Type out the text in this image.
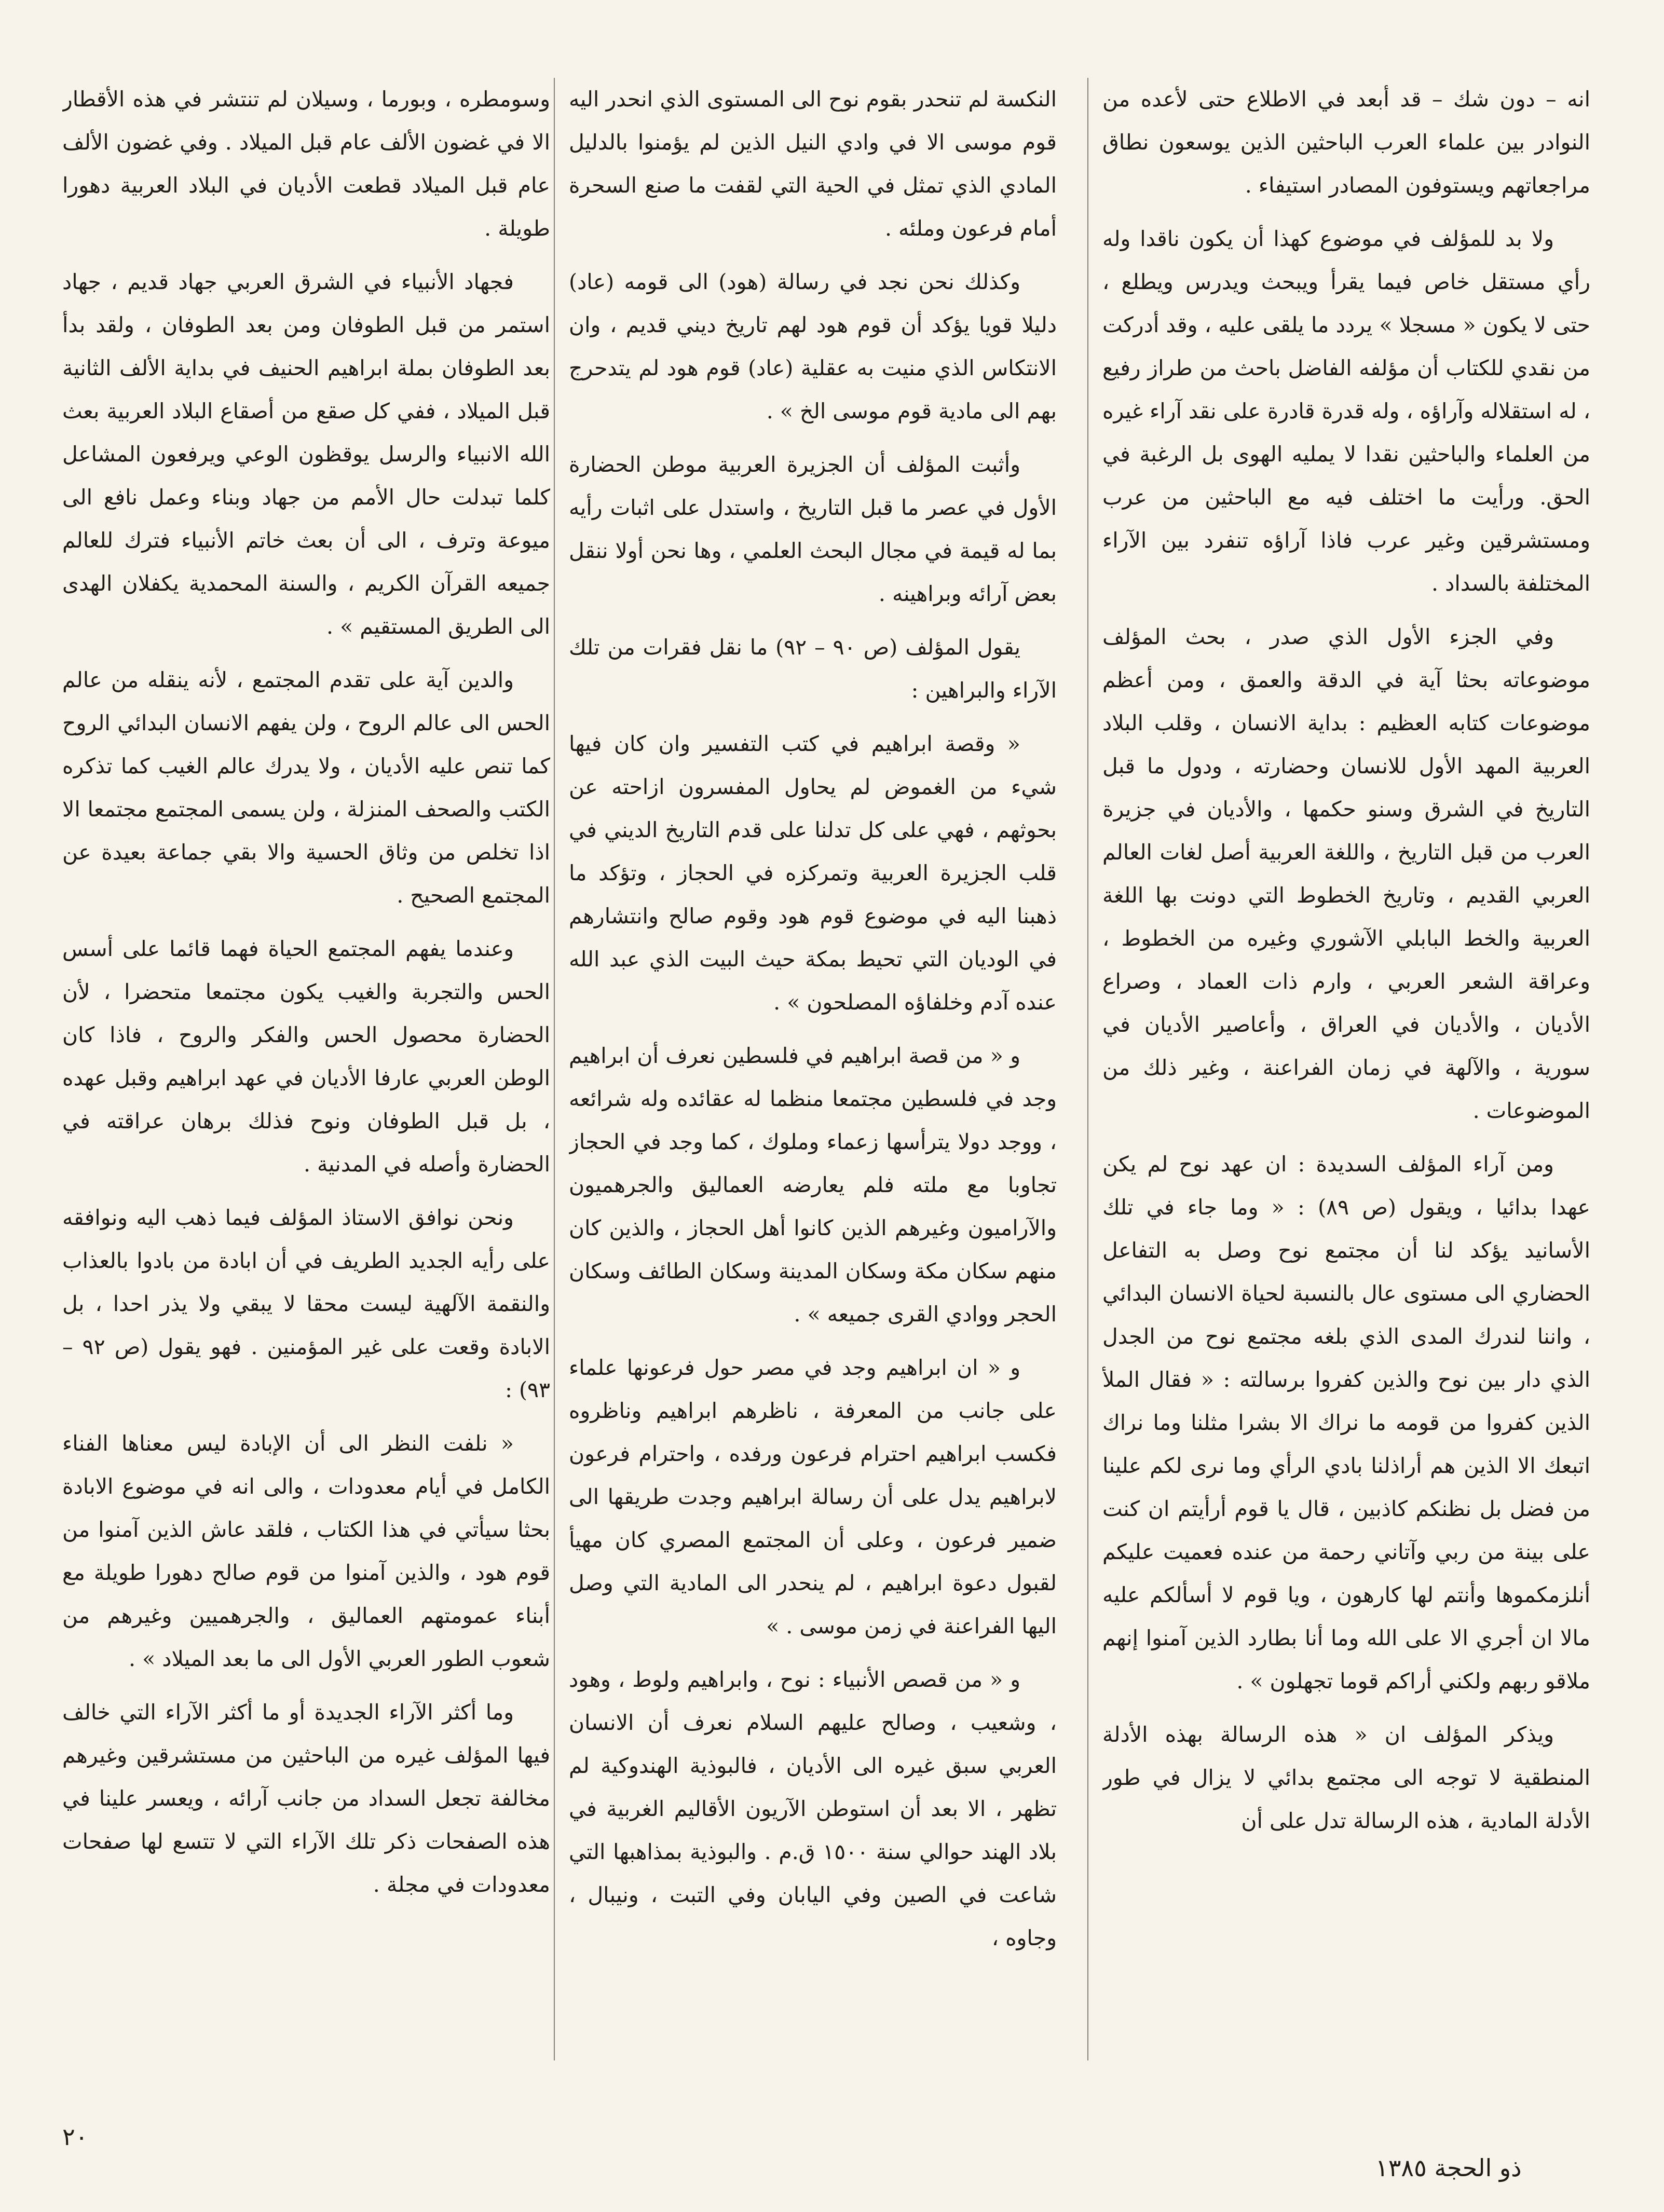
انه – دون شك – قد أبعد في الاطلاع حتى لأعده من النوادر بين علماء العرب الباحثين الذين يوسعون نطاق مراجعاتهم ويستوفون المصادر استيفاء .

ولا بد للمؤلف في موضوع كهذا أن يكون ناقدا وله رأي مستقل خاص فيما يقرأ ويبحث ويدرس ويطلع ، حتى لا يكون « مسجلا » يردد ما يلقى عليه ، وقد أدركت من نقدي للكتاب أن مؤلفه الفاضل باحث من طراز رفيع ، له استقلاله وآراؤه ، وله قدرة قادرة على نقد آراء غيره من العلماء والباحثين نقدا لا يمليه الهوى بل الرغبة في الحق. ورأيت ما اختلف فيه مع الباحثين من عرب ومستشرقين وغير عرب فاذا آراؤه تنفرد بين الآراء المختلفة بالسداد .

وفي الجزء الأول الذي صدر ، بحث المؤلف موضوعاته بحثا آية في الدقة والعمق ، ومن أعظم موضوعات كتابه العظيم : بداية الانسان ، وقلب البلاد العربية المهد الأول للانسان وحضارته ، ودول ما قبل التاريخ في الشرق وسنو حكمها ، والأديان في جزيرة العرب من قبل التاريخ ، واللغة العربية أصل لغات العالم العربي القديم ، وتاريخ الخطوط التي دونت بها اللغة العربية والخط البابلي الآشوري وغيره من الخطوط ، وعراقة الشعر العربي ، وارم ذات العماد ، وصراع الأديان ، والأديان في العراق ، وأعاصير الأديان في سورية ، والآلهة في زمان الفراعنة ، وغير ذلك من الموضوعات .

ومن آراء المؤلف السديدة : ان عهد نوح لم يكن عهدا بدائيا ، ويقول (ص ٨٩) : « وما جاء في تلك الأسانيد يؤكد لنا أن مجتمع نوح وصل به التفاعل الحضاري الى مستوى عال بالنسبة لحياة الانسان البدائي ، واننا لندرك المدى الذي بلغه مجتمع نوح من الجدل الذي دار بين نوح والذين كفروا برسالته : « فقال الملأ الذين كفروا من قومه ما نراك الا بشرا مثلنا وما نراك اتبعك الا الذين هم أراذلنا بادي الرأي وما نرى لكم علينا من فضل بل نظنكم كاذبين ، قال يا قوم أرأيتم ان كنت على بينة من ربي وآتاني رحمة من عنده فعميت عليكم أنلزمكموها وأنتم لها كارهون ، ويا قوم لا أسألكم عليه مالا ان أجري الا على الله وما أنا بطارد الذين آمنوا إنهم ملاقو ربهم ولكني أراكم قوما تجهلون » .

ويذكر المؤلف ان « هذه الرسالة بهذه الأدلة المنطقية لا توجه الى مجتمع بدائي لا يزال في طور الأدلة المادية ، هذه الرسالة تدل على أن

النكسة لم تنحدر بقوم نوح الى المستوى الذي انحدر اليه قوم موسى الا في وادي النيل الذين لم يؤمنوا بالدليل المادي الذي تمثل في الحية التي لقفت ما صنع السحرة أمام فرعون وملئه .

وكذلك نحن نجد في رسالة (هود) الى قومه (عاد) دليلا قويا يؤكد أن قوم هود لهم تاريخ ديني قديم ، وان الانتكاس الذي منيت به عقلية (عاد) قوم هود لم يتدحرج بهم الى مادية قوم موسى الخ » .

وأثبت المؤلف أن الجزيرة العربية موطن الحضارة الأول في عصر ما قبل التاريخ ، واستدل على اثبات رأيه بما له قيمة في مجال البحث العلمي ، وها نحن أولا ننقل بعض آرائه وبراهينه .

يقول المؤلف (ص ٩٠ – ٩٢) ما نقل فقرات من تلك الآراء والبراهين :

« وقصة ابراهيم في كتب التفسير وان كان فيها شيء من الغموض لم يحاول المفسرون ازاحته عن بحوثهم ، فهي على كل تدلنا على قدم التاريخ الديني في قلب الجزيرة العربية وتمركزه في الحجاز ، وتؤكد ما ذهبنا اليه في موضوع قوم هود وقوم صالح وانتشارهم في الوديان التي تحيط بمكة حيث البيت الذي عبد الله عنده آدم وخلفاؤه المصلحون » .

و « من قصة ابراهيم في فلسطين نعرف أن ابراهيم وجد في فلسطين مجتمعا منظما له عقائده وله شرائعه ، ووجد دولا يترأسها زعماء وملوك ، كما وجد في الحجاز تجاوبا مع ملته فلم يعارضه العماليق والجرهميون والآراميون وغيرهم الذين كانوا أهل الحجاز ، والذين كان منهم سكان مكة وسكان المدينة وسكان الطائف وسكان الحجر ووادي القرى جميعه » .

و « ان ابراهيم وجد في مصر حول فرعونها علماء على جانب من المعرفة ، ناظرهم ابراهيم وناظروه فكسب ابراهيم احترام فرعون ورفده ، واحترام فرعون لابراهيم يدل على أن رسالة ابراهيم وجدت طريقها الى ضمير فرعون ، وعلى أن المجتمع المصري كان مهيأ لقبول دعوة ابراهيم ، لم ينحدر الى المادية التي وصل اليها الفراعنة في زمن موسى . »

و « من قصص الأنبياء : نوح ، وابراهيم ولوط ، وهود ، وشعيب ، وصالح عليهم السلام نعرف أن الانسان العربي سبق غيره الى الأديان ، فالبوذية الهندوكية لم تظهر ، الا بعد أن استوطن الآريون الأقاليم الغربية في بلاد الهند حوالي سنة ١٥٠٠ ق.م . والبوذية بمذاهبها التي شاعت في الصين وفي اليابان وفي التبت ، ونيبال ، وجاوه ،

وسومطره ، وبورما ، وسيلان لم تنتشر في هذه الأقطار الا في غضون الألف عام قبل الميلاد . وفي غضون الألف عام قبل الميلاد قطعت الأديان في البلاد العربية دهورا طويلة .

فجهاد الأنبياء في الشرق العربي جهاد قديم ، جهاد استمر من قبل الطوفان ومن بعد الطوفان ، ولقد بدأ بعد الطوفان بملة ابراهيم الحنيف في بداية الألف الثانية قبل الميلاد ، ففي كل صقع من أصقاع البلاد العربية بعث الله الانبياء والرسل يوقظون الوعي ويرفعون المشاعل كلما تبدلت حال الأمم من جهاد وبناء وعمل نافع الى ميوعة وترف ، الى أن بعث خاتم الأنبياء فترك للعالم جميعه القرآن الكريم ، والسنة المحمدية يكفلان الهدى الى الطريق المستقيم » .

والدين آية على تقدم المجتمع ، لأنه ينقله من عالم الحس الى عالم الروح ، ولن يفهم الانسان البدائي الروح كما تنص عليه الأديان ، ولا يدرك عالم الغيب كما تذكره الكتب والصحف المنزلة ، ولن يسمى المجتمع مجتمعا الا اذا تخلص من وثاق الحسية والا بقي جماعة بعيدة عن المجتمع الصحيح .

وعندما يفهم المجتمع الحياة فهما قائما على أسس الحس والتجربة والغيب يكون مجتمعا متحضرا ، لأن الحضارة محصول الحس والفكر والروح ، فاذا كان الوطن العربي عارفا الأديان في عهد ابراهيم وقبل عهده ، بل قبل الطوفان ونوح فذلك برهان عراقته في الحضارة وأصله في المدنية .

ونحن نوافق الاستاذ المؤلف فيما ذهب اليه ونوافقه على رأيه الجديد الطريف في أن ابادة من بادوا بالعذاب والنقمة الآلهية ليست محقا لا يبقي ولا يذر احدا ، بل الابادة وقعت على غير المؤمنين . فهو يقول (ص ٩٢ – ٩٣) :

« نلفت النظر الى أن الإبادة ليس معناها الفناء الكامل في أيام معدودات ، والى انه في موضوع الابادة بحثا سيأتي في هذا الكتاب ، فلقد عاش الذين آمنوا من قوم هود ، والذين آمنوا من قوم صالح دهورا طويلة مع أبناء عمومتهم العماليق ، والجرهميين وغيرهم من شعوب الطور العربي الأول الى ما بعد الميلاد » .

وما أكثر الآراء الجديدة أو ما أكثر الآراء التي خالف فيها المؤلف غيره من الباحثين من مستشرقين وغيرهم مخالفة تجعل السداد من جانب آرائه ، ويعسر علينا في هذه الصفحات ذكر تلك الآراء التي لا تتسع لها صفحات معدودات في مجلة .

٢٠
ذو الحجة ١٣٨٥
